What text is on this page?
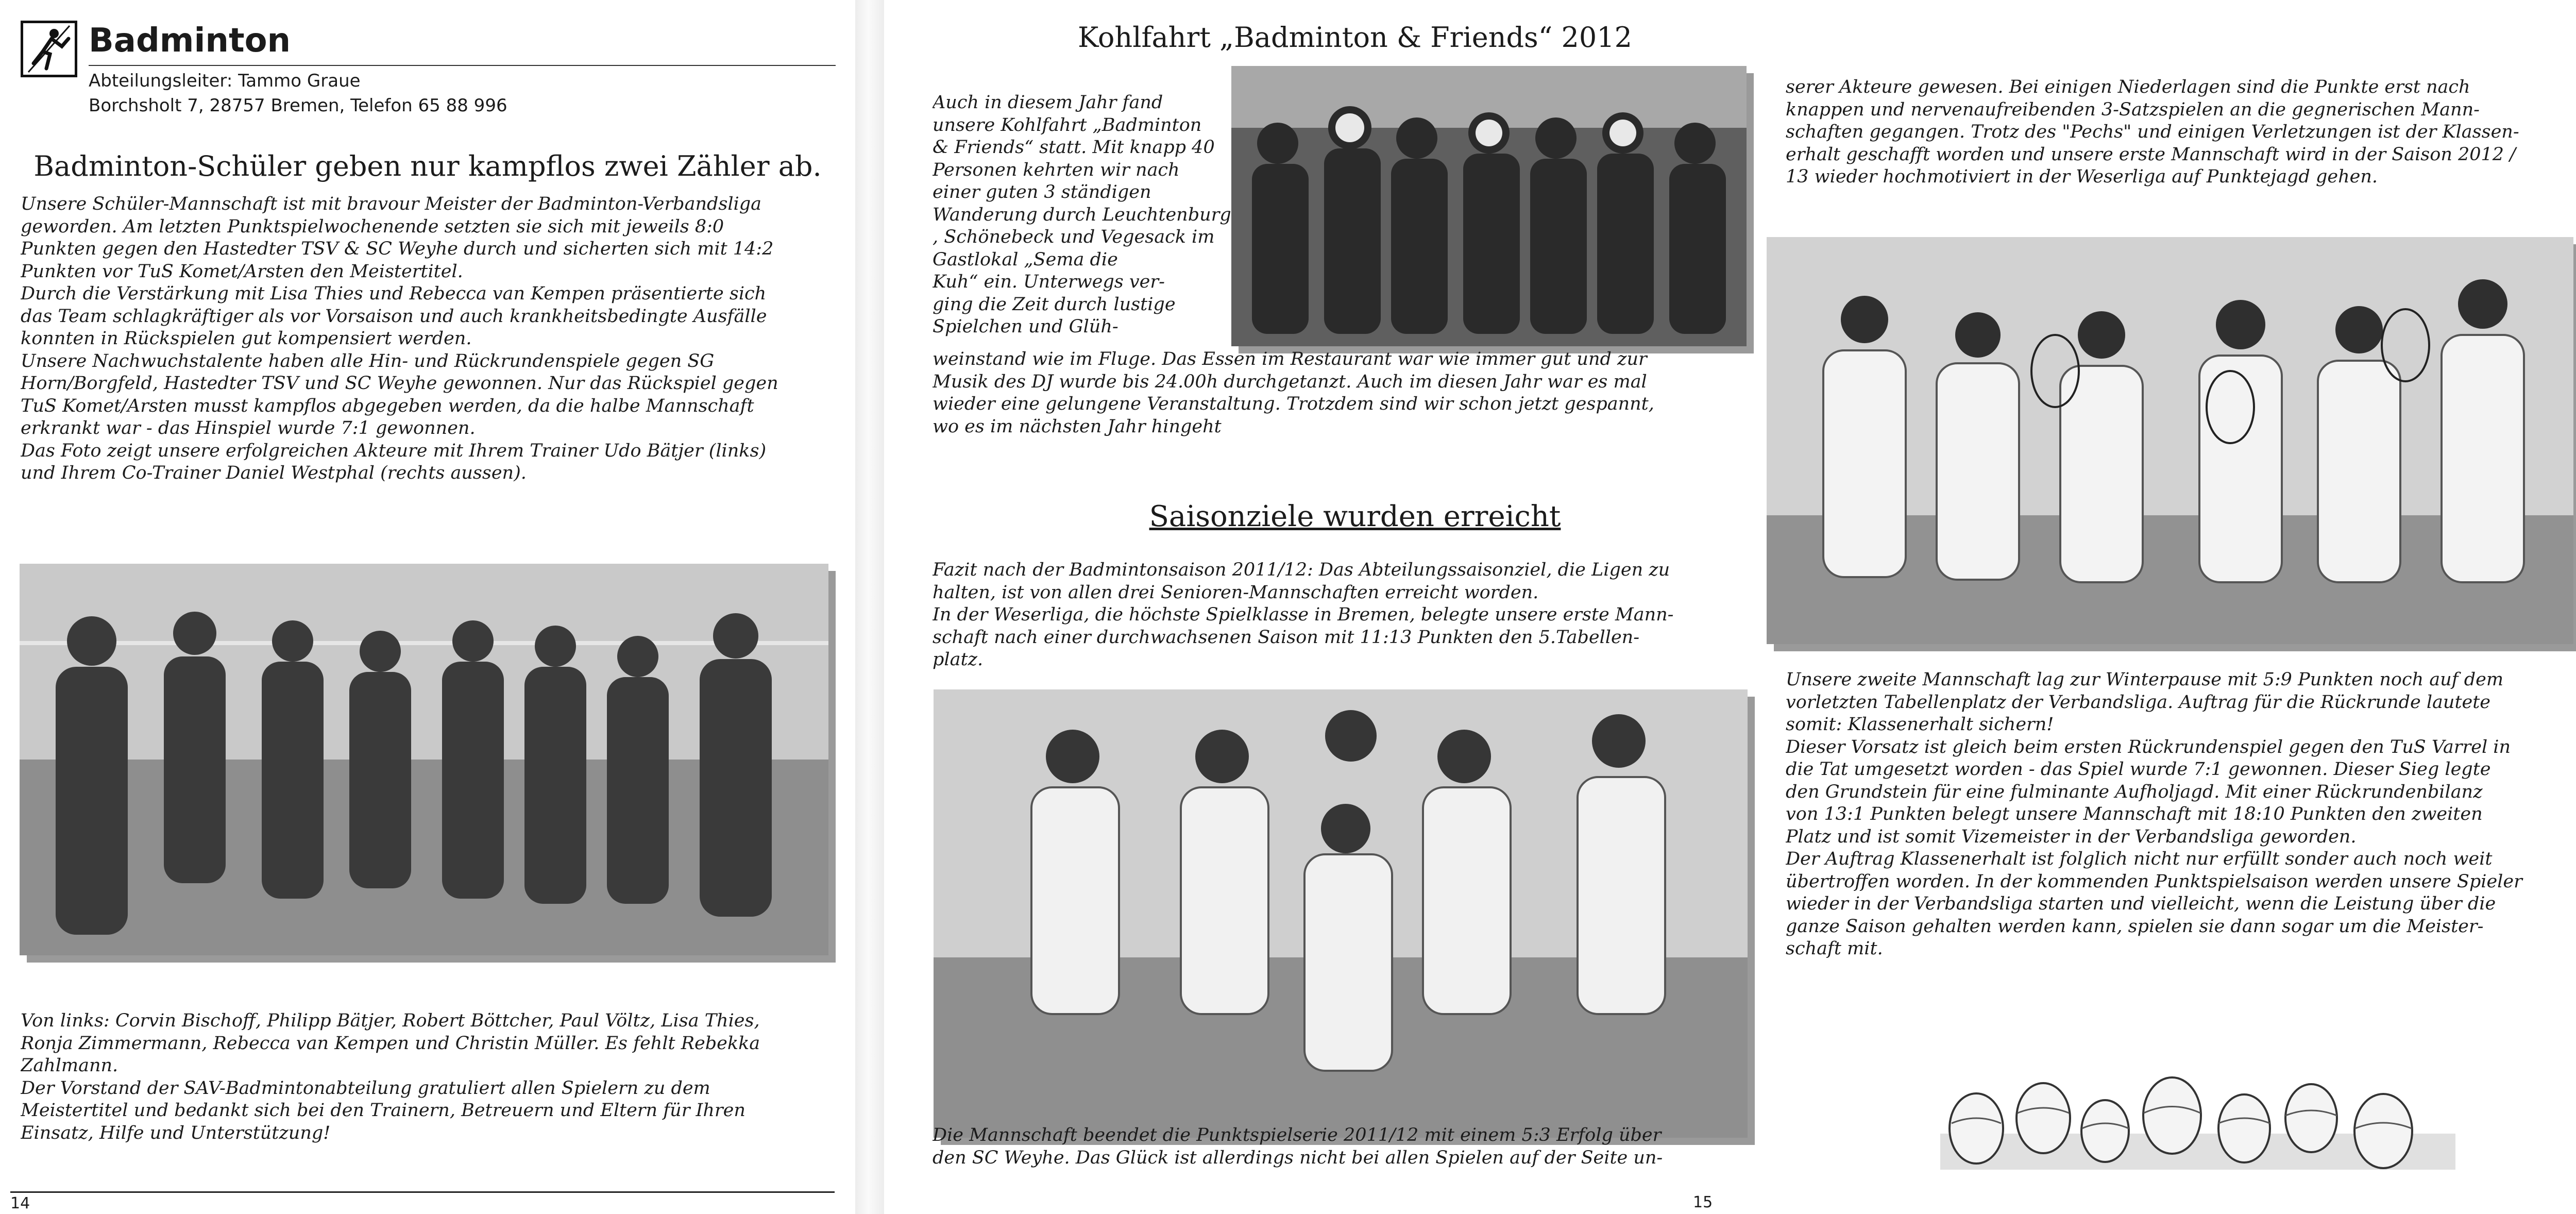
Badminton
Abteilungsleiter: Tammo Graue
Borchsholt 7, 28757 Bremen, Telefon 65 88 996
Badminton-Schüler geben nur kampflos zwei Zähler ab.

Unsere Schüler-Mannschaft ist mit bravour Meister der Badminton-Verbandsliga
geworden. Am letzten Punktspielwochenende setzten sie sich mit jeweils 8:0
Punkten gegen den Hastedter TSV & SC Weyhe durch und sicherten sich mit 14:2
Punkten vor TuS Komet/Arsten den Meistertitel.
Durch die Verstärkung mit Lisa Thies und Rebecca van Kempen präsentierte sich
das Team schlagkräftiger als vor Vorsaison und auch krankheitsbedingte Ausfälle
konnten in Rückspielen gut kompensiert werden.
Unsere Nachwuchstalente haben alle Hin- und Rückrundenspiele gegen SG
Horn/Borgfeld, Hastedter TSV und SC Weyhe gewonnen. Nur das Rückspiel gegen
TuS Komet/Arsten musst kampflos abgegeben werden, da die halbe Mannschaft
erkrankt war - das Hinspiel wurde 7:1 gewonnen.
Das Foto zeigt unsere erfolgreichen Akteure mit Ihrem Trainer Udo Bätjer (links)
und Ihrem Co-Trainer Daniel Westphal (rechts aussen).

Von links: Corvin Bischoff, Philipp Bätjer, Robert Böttcher, Paul Völtz, Lisa Thies,
Ronja Zimmermann, Rebecca van Kempen und Christin Müller. Es fehlt Rebekka
Zahlmann.
Der Vorstand der SAV-Badmintonabteilung gratuliert allen Spielern zu dem
Meistertitel und bedankt sich bei den Trainern, Betreuern und Eltern für Ihren
Einsatz, Hilfe und Unterstützung!

14
Kohlfahrt „Badminton & Friends“ 2012

Auch in diesem Jahr fand
unsere Kohlfahrt „Badminton
& Friends“ statt. Mit knapp 40
Personen kehrten wir nach
einer guten 3 ständigen
Wanderung durch Leuchtenburg
, Schönebeck und Vegesack im
Gastlokal „Sema die
Kuh“ ein. Unterwegs ver-
ging die Zeit durch lustige
Spielchen und Glüh-

weinstand wie im Fluge. Das Essen im Restaurant war wie immer gut und zur
Musik des DJ wurde bis 24.00h durchgetanzt. Auch im diesen Jahr war es mal
wieder eine gelungene Veranstaltung. Trotzdem sind wir schon jetzt gespannt,
wo es im nächsten Jahr hingeht

Saisonziele wurden erreicht

Fazit nach der Badmintonsaison 2011/12: Das Abteilungssaisonziel, die Ligen zu
halten, ist von allen drei Senioren-Mannschaften erreicht worden.
In der Weserliga, die höchste Spielklasse in Bremen, belegte unsere erste Mann-
schaft nach einer durchwachsenen Saison mit 11:13 Punkten den 5.Tabellen-
platz.

Die Mannschaft beendet die Punktspielserie 2011/12 mit einem 5:3 Erfolg über
den SC Weyhe. Das Glück ist allerdings nicht bei allen Spielen auf der Seite un-

15

serer Akteure gewesen. Bei einigen Niederlagen sind die Punkte erst nach
knappen und nervenaufreibenden 3-Satzspielen an die gegnerischen Mann-
schaften gegangen. Trotz des "Pechs" und einigen Verletzungen ist der Klassen-
erhalt geschafft worden und unsere erste Mannschaft wird in der Saison 2012 /
13 wieder hochmotiviert in der Weserliga auf Punktejagd gehen.

Unsere zweite Mannschaft lag zur Winterpause mit 5:9 Punkten noch auf dem
vorletzten Tabellenplatz der Verbandsliga. Auftrag für die Rückrunde lautete
somit: Klassenerhalt sichern!
Dieser Vorsatz ist gleich beim ersten Rückrundenspiel gegen den TuS Varrel in
die Tat umgesetzt worden - das Spiel wurde 7:1 gewonnen. Dieser Sieg legte
den Grundstein für eine fulminante Aufholjagd. Mit einer Rückrundenbilanz
von 13:1 Punkten belegt unsere Mannschaft mit 18:10 Punkten den zweiten
Platz und ist somit Vizemeister in der Verbandsliga geworden.
Der Auftrag Klassenerhalt ist folglich nicht nur erfüllt sonder auch noch weit
übertroffen worden. In der kommenden Punktspielsaison werden unsere Spieler
wieder in der Verbandsliga starten und vielleicht, wenn die Leistung über die
ganze Saison gehalten werden kann, spielen sie dann sogar um die Meister-
schaft mit.
